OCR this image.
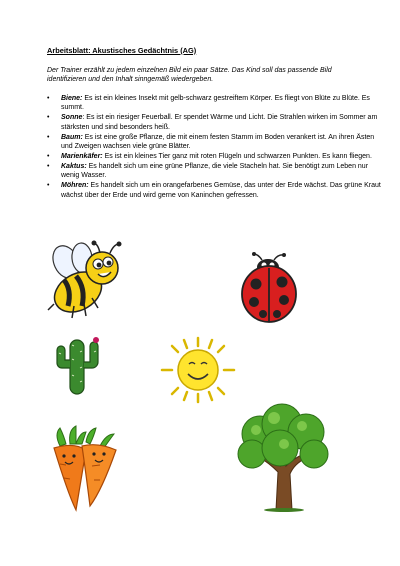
Arbeitsblatt: Akustisches Gedächtnis (AG)
Der Trainer erzählt zu jedem einzelnen Bild ein paar Sätze. Das Kind soll das passende Bild identifizieren und den Inhalt sinngemäß wiedergeben.
• Biene: Es ist ein kleines Insekt mit gelb-schwarz gestreiftem Körper. Es fliegt von Blüte zu Blüte. Es summt.
• Sonne: Es ist ein riesiger Feuerball. Er spendet Wärme und Licht. Die Strahlen wirken im Sommer am stärksten und sind besonders heiß.
• Baum: Es ist eine große Pflanze, die mit einem festen Stamm im Boden verankert ist. An ihren Ästen und Zweigen wachsen viele grüne Blätter.
• Marienkäfer: Es ist ein kleines Tier ganz mit roten Flügeln und schwarzen Punkten. Es kann fliegen.
• Kaktus: Es handelt sich um eine grüne Pflanze, die viele Stacheln hat. Sie benötigt zum Leben nur wenig Wasser.
• Möhren: Es handelt sich um ein orangefarbenes Gemüse, das unter der Erde wächst. Das grüne Kraut wächst über der Erde und wird gerne von Kaninchen gefressen.
